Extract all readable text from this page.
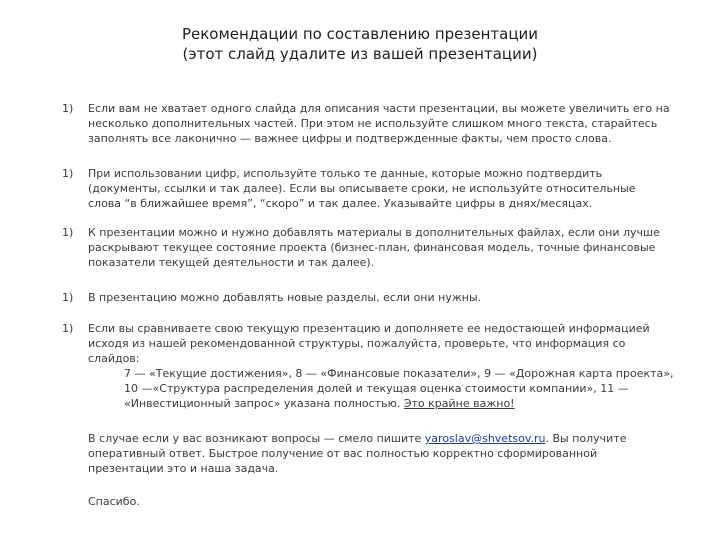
Рекомендации по составлению презентации
(этот слайд удалите из вашей презентации)
1) Если вам не хватает одного слайда для описания части презентации, вы можете увеличить его на
несколько дополнительных частей. При этом не используйте слишком много текста, старайтесь
заполнять все лаконично — важнее цифры и подтвержденные факты, чем просто слова.
1) При использовании цифр, используйте только те данные, которые можно подтвердить
(документы, ссылки и так далее). Если вы описываете сроки, не используйте относительные
слова “в ближайшее время”, “скоро” и так далее. Указывайте цифры в днях/месяцах.
1) К презентации можно и нужно добавлять материалы в дополнительных файлах, если они лучше
раскрывают текущее состояние проекта (бизнес-план, финансовая модель, точные финансовые
показатели текущей деятельности и так далее).
1) В презентацию можно добавлять новые разделы, если они нужны.
1) Если вы сравниваете свою текущую презентацию и дополняете ее недостающей информацией
исходя из нашей рекомендованной структуры, пожалуйста, проверьте, что информация со
слайдов:
7 — «Текущие достижения», 8 — «Финансовые показатели», 9 — «Дорожная карта проекта»,
10 —«Структура распределения долей и текущая оценка стоимости компании», 11 —
«Инвестиционный запрос» указана полностью. Это крайне важно!
В случае если у вас возникают вопросы — смело пишите yaroslav@shvetsov.ru. Вы получите
оперативный ответ. Быстрое получение от вас полностью корректно сформированной
презентации это и наша задача.
Спасибо.
